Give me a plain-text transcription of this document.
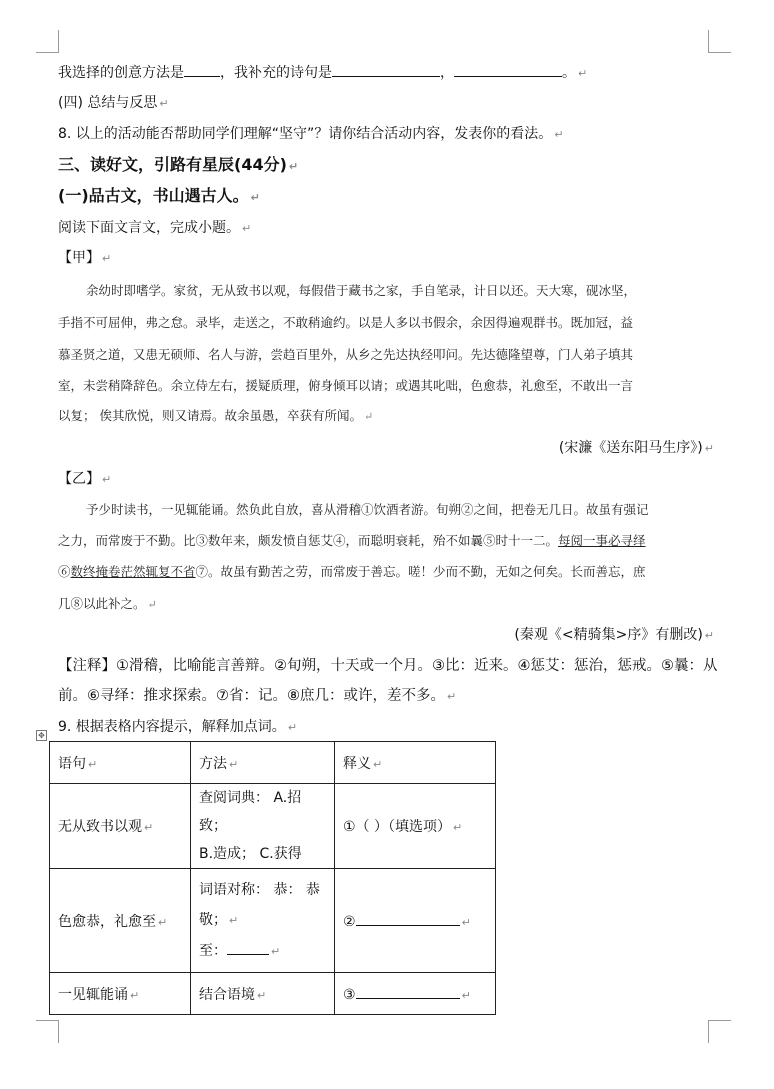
我选择的创意方法是	，我补充的诗句是	，	。 ↵
(四) 总结与反思 ↵
8. 以上的活动能否帮助同学们理解“坚守”？请你结合活动内容，发表你的看法。 ↵
三、读好文，引路有星辰(44分) ↵
(一)品古文，书山遇古人。 ↵
阅读下面文言文，完成小题。 ↵
【甲】 ↵
余幼时即嗜学。家贫，无从致书以观，每假借于藏书之家，手自笔录，计日以还。天大寒，砚冰坚，
手指不可屈伸，弗之怠。录毕，走送之，不敢稍逾约。以是人多以书假余，余因得遍观群书。既加冠，益
慕圣贤之道，又患无硕师、名人与游，尝趋百里外，从乡之先达执经叩问。先达德隆望尊，门人弟子填其
室，未尝稍降辞色。余立侍左右，援疑质理，俯身倾耳以请；或遇其叱咄，色愈恭，礼愈至，不敢出一言
以复； 俟其欣悦，则又请焉。故余虽愚，卒获有所闻。 ↵
(宋濂《送东阳马生序》) ↵
【乙】 ↵
予少时读书，一见辄能诵。然负此自放，喜从滑稽①饮酒者游。旬朔②之间，把卷无几日。故虽有强记
之力，而常废于不勤。比③数年来，颇发愤自惩艾④，而聪明衰耗，殆不如曩⑤时十一二。每阅一事必寻绎
⑥数终掩卷茫然辄复不省⑦。故虽有勤苦之劳，而常废于善忘。嗟！少而不勤，无如之何矣。长而善忘，庶
几⑧以此补之。 ↵
(秦观《<精骑集>序》有删改) ↵
【注释】①滑稽，比喻能言善辩。②旬朔，十天或一个月。③比：近来。④惩艾：惩治，惩戒。⑤曩：从
前。⑥寻绎：推求探索。⑦省：记。⑧庶几：或许，差不多。 ↵
9. 根据表格内容提示，解释加点词。 ↵
✥
语句 ↵	方法 ↵	释义 ↵
无从致书以观 ↵	查阅词典： A.招致；
B.造成； C.获得	①（ ）（填选项） ↵
色愈恭，礼愈至 ↵	词语对称： 恭： 恭
敬； ↵
至： ↵	② ↵
一见辄能诵 ↵	结合语境 ↵	③ ↵
